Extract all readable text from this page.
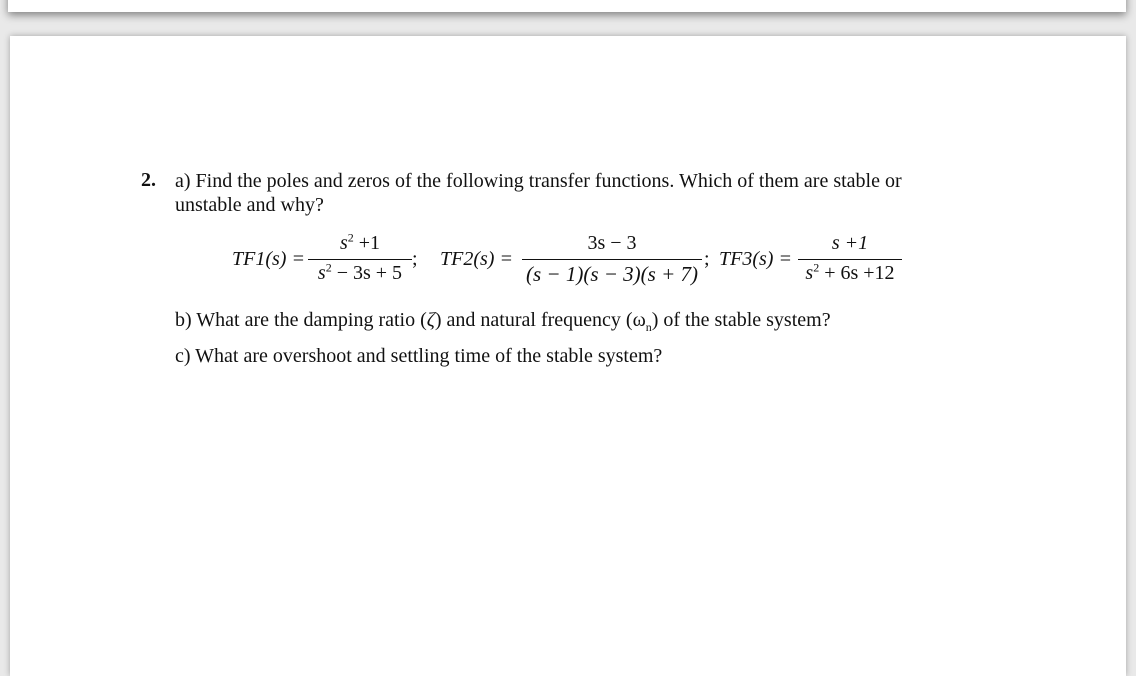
2. a) Find the poles and zeros of the following transfer functions. Which of them are stable or
unstable and why?
TF1(s) =
$s^2 +1$
$s^2 - 3s + 5$
; TF2(s) =
3s − 3
(s − 1)(s − 3)(s + 7)
; TF3(s) =
s +1
$s^2 + 6s +12$
b) What are the damping ratio (ζ) and natural frequency $(\omega_n)$ of the stable system?
c) What are overshoot and settling time of the stable system?
